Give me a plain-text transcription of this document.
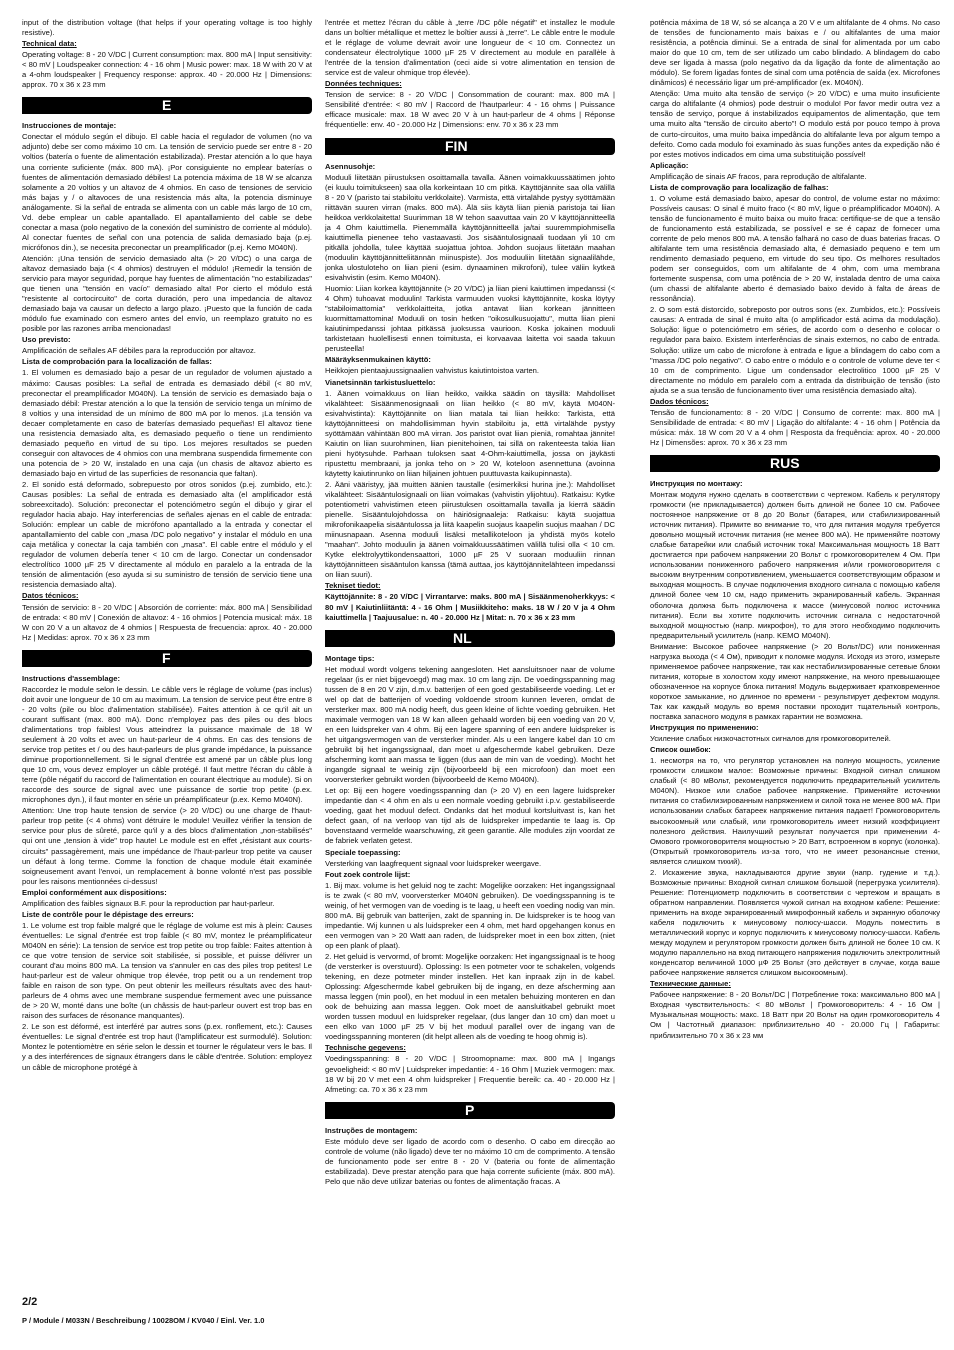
input of the distribution voltage (that helps if your operating voltage is too highly resistive).

Technical data:

Operating voltage: 8 - 20 V/DC | Current consumption: max. 800 mA | Input sensitivity: < 80 mV | Loudspeaker connection: 4 - 16 ohm | Music power: max. 18 W with 20 V at a 4-ohm loudspeaker | Frequency response: approx. 40 - 20.000 Hz | Dimensions: approx. 70 x 36 x 23 mm

E

Instrucciones de montaje:

Conectar el módulo según el dibujo. El cable hacia el regulador de volumen (no va adjunto) debe ser como máximo 10 cm. La tensión de servicio puede ser entre 8 - 20 voltios (batería o fuente de alimentación estabilizada). Prestar atención a lo que haya una corriente suficiente (máx. 800 mA). ¡Por consiguiente no emplear baterías o fuentes de alimentación demasiado débiles! La potencia máxima de 18 W se alcanza solamente a 20 voltios y un altavoz de 4 ohmios. En caso de tensiones de servicio más bajas y / o altavoces de una resistencia más alta, la potencia disminuye análogamente. Si la señal de entrada se alimenta con un cable más largo de 10 cm, Vd. debe emplear un cable apantallado. El apantallamiento del cable se debe conectar a masa (polo negativo de la conexión del suministro de corriente al módulo). Al conectar fuentes de señal con una potencia de salida demasiado baja (p.ej. micrófonos din.), se necesita preconectar un preamplificador (p.ej. Kemo M040N).

Atención: ¡Una tensión de servicio demasiado alta (> 20 V/DC) o una carga de altavoz demasiado baja (< 4 ohmios) destruyen el módulo! ¡Remedir la tensión de servicio para mayor seguridad, porque hay fuentes de alimentación "no estabilizadas" que tienen una "tensión en vacío" demasiado alta! Por cierto el módulo está "resistente al cortocircuito" de corta duración, pero una impedancia de altavoz demasiado baja va causar un defecto a largo plazo. ¡Puesto que la función de cada módulo fue examinado con esmero antes del envío, un reemplazo gratuito no es posible por las razones arriba mencionadas!

Uso previsto:

Amplificación de señales AF débiles para la reproducción por altavoz.

Lista de comprobación para la localización de fallas:

1. El volumen es demasiado bajo a pesar de un regulador de volumen ajustado a máximo: Causas posibles: La señal de entrada es demasiado débil (< 80 mV, preconectar el preamplificador M040N). La tensión de servicio es demasiado baja o demasiado débil: Prestar atención a lo que la tensión de servicio tenga un mínimo de 8 voltios y una intensidad de un mínimo de 800 mA por lo menos. ¡La tensión va decaer completamente en caso de baterías demasiado pequeñas! El altavoz tiene una resistencia demasiado alta, es demasiado pequeño o tiene un rendimiento demasiado pequeño en virtud de su tipo. Los mejores resultados se pueden conseguir con altavoces de 4 ohmios con una membrana suspendida firmemente con una potencia de > 20 W, instalado en una caja (un chasis de altavoz abierto es demasiado bajo en virtud de las superficies de resonancia que faltan).

2. El sonido está deformado, sobrepuesto por otros sonidos (p.ej. zumbido, etc.): Causas posibles: La señal de entrada es demasiado alta (el amplificador está sobreexcitado). Solución: preconectar el potenciómetro según el dibujo y girar el regulador hacia abajo. Hay interferencias de señales ajenas en el cable de entrada: Solución: emplear un cable de micrófono apantallado a la entrada y conectar el apantallamiento del cable con „masa /DC polo negativo" y instalar el módulo en una caja metálica y conectar la caja también con „masa". El cable entre el módulo y el regulador de volumen debería tener < 10 cm de largo. Conectar un condensador electrolítico 1000 µF 25 V directamente al módulo en paralelo a la entrada de la tensión de alimentación (eso ayuda si su suministro de tensión de servicio tiene una resistencia demasiado alta).

Datos técnicos:

Tensión de servicio: 8 - 20 V/DC | Absorción de corriente: máx. 800 mA | Sensibilidad de entrada: < 80 mV | Conexión de altavoz: 4 - 16 ohmios | Potencia musical: máx. 18 W con 20 V a un altavoz de 4 ohmios | Respuesta de frecuencia: aprox. 40 - 20.000 Hz | Medidas: aprox. 70 x 36 x 23 mm

F

Instructions d'assemblage:

Raccordez le module selon le dessin. Le câble vers le réglage de volume (pas inclus) doit avoir une longueur de 10 cm au maximum. La tension de service peut être entre 8 - 20 volts (pile ou bloc d'alimentation stabilisée). Faites attention à ce qu'il ait un courant suffisant (max. 800 mA). Donc n'employez pas des piles ou des blocs d'alimentations trop faibles! Vous atteindrez la puissance maximale de 18 W seulement à 20 volts et avec un haut-parleur de 4 ohms. En cas des tensions de service trop petites et / ou des haut-parleurs de plus grande impédance, la puissance diminue proportionnellement. Si le signal d'entrée est amené par un câble plus long que 10 cm, vous devez employer un câble protégé. Il faut mettre l'écran du câble à terre (pôle négatif du raccord de l'alimentation en courant électrique au module). Si on raccorde des source de signal avec une puissance de sortie trop petite (p.ex. microphones dyn.), il faut monter en série un préamplificateur (p.ex. Kemo M040N).

Attention: Une trop haute tension de service (> 20 V/DC) ou une charge de l'haut-parleur trop petite (< 4 ohms) vont détruire le module! Veuillez vérifier la tension de service pour plus de sûreté, parce qu'il y a des blocs d'alimentation „non-stabilisés" qui ont une „tension à vide" trop haute! Le module est en effet „résistant aux courts-circuits" passagèrement, mais une impédance de l'haut-parleur trop petite va causer un défaut à long terme. Comme la fonction de chaque module était examinée soigneusement avant l'envoi, un remplacement à bonne volonté n'est pas possible pour les raisons mentionnées ci-dessus!

Emploi conformément aux dispositions:

Amplification des faibles signaux B.F. pour la reproduction par haut-parleur.

Liste de contrôle pour le dépistage des erreurs:

1. Le volume est trop faible malgré que le réglage de volume est mis à plein: Causes éventuelles: Le signal d'entrée est trop faible (< 80 mV, montez le préamplificateur M040N en série): La tension de service est trop petite ou trop faible: Faites attention à ce que votre tension de service soit stabilisée, si possible, et puisse délivrer un courant d'au moins 800 mA. La tension va s'annuler en cas des piles trop petites! Le haut-parleur est de valeur ohmique trop élevée, trop petit ou a un rendement trop faible en raison de son type. On peut obtenir les meilleurs résultats avec des haut-parleurs de 4 ohms avec une membrane suspendue fermement avec une puissance de > 20 W, monté dans une boîte (un châssis de haut-parleur ouvert est trop bas en raison des surfaces de résonance manquantes).

2. Le son est déformé, est interféré par autres sons (p.ex. ronflement, etc.): Causes éventuelles: Le signal d'entrée est trop haut (l'amplificateur est surmodulé). Solution: Montez le potentiomètre en série selon le dessin et tourner le régulateur vers le bas. Il y a des interférences de signaux étrangers dans le câble d'entrée. Solution: employez un câble de microphone protégé à

l'entrée et mettez l'écran du câble à „terre /DC pôle négatif" et installez le module dans un boîtier métallique et mettez le boîtier aussi à „terre". Le câble entre le module et le réglage de volume devrait avoir une longueur de < 10 cm. Connectez un condensateur électrolytique 1000 µF 25 V directement au module en parallèle à l'entrée de la tension d'alimentation (ceci aide si votre alimentation en tension de service est de valeur ohmique trop élevée).

Données techniques:

Tension de service: 8 - 20 V/DC | Consommation de courant: max. 800 mA | Sensibilité d'entrée: < 80 mV | Raccord de l'hautparleur: 4 - 16 ohms | Puissance efficace musicale: max. 18 W avec 20 V à un haut-parleur de 4 ohms | Réponse fréquentielle: env. 40 - 20.000 Hz | Dimensions: env. 70 x 36 x 23 mm

FIN

Asennusohje:

Moduuli liitetään piirustuksen osoittamalla tavalla. Äänen voimakkuussäätimen johto (ei kuulu toimitukseen) saa olla korkeintaan 10 cm pitkä. Käyttöjännite saa olla välillä 8 - 20 V (paristo tai stabiloitu verkkolaite). Varmista, että virtalähde pystyy syöttämään riittävän suuren virran (maks. 800 mA). Älä siis käytä liian pieniä paristoja tai liian heikkoa verkkolaitetta! Suurimman 18 W tehon saavuttaa vain 20 V käyttöjännitteellä ja 4 Ohm kaiuttimella. Pienemmällä käyttöjännitteellä ja/tai suuremmpiohmisella kaiuttimella pienenee teho vastaavasti. Jos sisääntulosignaali tuodaan yli 10 cm pitkällä johdolla, tulee käyttää suojattua johtoa. Johdon suojaus liitetään maahan (moduulin käyttöjännitteliitännän miinuspiste). Jos moduuliin liitetään signaalilähde, jonka ulostuloteho on liian pieni (esim. dynaaminen mikrofoni), tulee väliin kytkeä esivahvistin (esim. Kemo M040N).

Huomio: Liian korkea käyttöjännite (> 20 V/DC) ja liian pieni kaiuttimen impedanssi (< 4 Ohm) tuhoavat moduulin! Tarkista varmuuden vuoksi käyttöjännite, koska löytyy "stabiloimattomia" verkkolaitteita, jotka antavat liian korkean jännitteen kuormittamattomina! Moduuli on tosin hetken "oikosulkusuojattu", mutta liian pieni kaiutinimpedanssi johtaa pitkässä juoksussa vaurioon. Koska jokainen moduuli tarkistetaan huolellisesti ennen toimitusta, ei korvaavaa laitetta voi saada takuun perusteella!

Määräyksenmukainen käyttö:

Heikkojen pientaajuussignaalien vahvistus kaiutintoistoa varten.

Vianetsinnän tarkistusluettelo:

1. Äänen voimakkuus on liian heikko, vaikka säädin on täysillä: Mahdolliset vikalähteet: Sisäänmenosignaali on liian heikko (< 80 mV, käytä M040N-esivahvistinta): Käyttöjännite on liian matala tai liian heikko: Tarkista, että käyttöjännitteesi on mahdollisimman hyvin stabiloitu ja, että virtalähde pystyy syöttämään vähintään 800 mA virran. Jos paristot ovat liian pieniä, romahtaa jännite! Kaiutin on liian suurohminen, liian pienitehoinen, tai sillä on rakenteesta takia liian pieni hyötysuhde. Parhaan tuloksen saat 4-Ohm-kaiuttimella, jossa on jäykästi ripustettu membraani, ja jonka teho on > 20 W, koteloon asennettuna (avoinna käytetty kaiutinrunko on liian hiljainen johtuen puuttuvasta kaikupinnasta).

2. Ääni vääristyy, jää muitten äänien taustalle (esimerkiksi hurina jne.): Mahdolliset vikalähteet: Sisääntulosignaali on liian voimakas (vahvistin ylijohtuu). Ratkaisu: Kytke potentiometri vahvistimen eteen piirustuksen osoittamalla tavalla ja kierrä säädin pienelle. Sisääntulojohdossa on häiriösignaaleja: Ratkaisu: käytä suojattua mikrofonikaapelia sisääntulossa ja liitä kaapelin suojaus kaapelin suojus maahan / DC miinusnapaan. Asenna moduuli lisäksi metallikoteloon ja yhdistä myös kotelo "maahan". Johto moduulin ja äänen voimakkuussäätimen välillä tulisi olla < 10 cm. Kytke elektrolyyttikondensaattori, 1000 µF 25 V suoraan moduuliin rinnan käyttöjännitteen sisääntulon kanssa (tämä auttaa, jos käyttöjännitelähteen impedanssi on liian suuri).

Tekniset tiedot:

Käyttöjännite: 8 - 20 V/DC | Virrantarve: maks. 800 mA | Sisäänmenoherkkyys: < 80 mV | Kaiutinliitäntä: 4 - 16 Ohm | Musiikkiteho: maks. 18 W / 20 V ja 4 Ohm kaiuttimella | Taajuusalue: n. 40 - 20.000 Hz | Mitat: n. 70 x 36 x 23 mm

NL

Montage tips:

Het moduul wordt volgens tekening aangesloten. Het aansluitsnoer naar de volume regelaar (is er niet bijgevoegd) mag max. 10 cm lang zijn. De voedingsspanning mag tussen de 8 en 20 V zijn, d.m.v. batterijen of een goed gestabiliseerde voeding. Let er wel op dat de batterijen of voeding voldoende stroom kunnen leveren, omdat de versterker max. 800 mA nodig heeft, dus geen kleine of lichte voeding gebruiken. Het maximale vermogen van 18 W kan alleen gehaald worden bij een voeding van 20 V, en een luidspreker van 4 ohm. Bij een lagere spanning of een andere luidspreker is het uitgangsvermogen van de versterker minder. Als u een langere kabel dan 10 cm gebruikt bij het ingangssignaal, dan moet u afgeschermde kabel gebruiken. Deze afscherming komt aan massa te liggen (dus aan de min van de voeding). Mocht het ingangde signaal te weinig zijn (bijvoorbeeld bij een microfoon) dan moet een voorversterker gebruikt worden (bijvoorbeeld de Kemo M040N).

Let op: Bij een hogere voedingsspanning dan (> 20 V) en een lagere luidspreker impedantie dan < 4 ohm en als u een normale voeding gebruikt i.p.v. gestabiliseerde voeding, gaat het moduul defect. Ondanks dat het moduul kortsluitvast is, kan het defect gaan, of na verloop van tijd als de luidspreker impedantie te laag is. Op bovenstaand vermelde waarschuwing, zit geen garantie. Alle modules zijn voordat ze de fabriek verlaten getest.

Speciale toepassing:

Versterking van laagfrequent signaal voor luidspreker weergave.

Fout zoek controle lijst:

1. Bij max. volume is het geluid nog te zacht: Mogelijke oorzaken: Het ingangssignaal is te zwak (< 80 mV, voorversterker M040N gebruiken). De voedingsspanning is te weinig, of het vermogen van de voeding is te laag, u heeft een voeding nodig van min. 800 mA. Bij gebruik van batterijen, zakt de spanning in. De luidspreker is te hoog van impedantie. Wij kunnen u als luidspreker een 4 ohm, met hard opgehangen konus en een vermogen van > 20 Watt aan raden, de luidspreker moet in een box zitten, (niet op een plank of plaat).

2. Het geluid is vervormd, of bromt: Mogelijke oorzaken: Het ingangssignaal is te hoog (de versterker is overstuurd). Oplossing: Is een potmeter voor te schakelen, volgends tekening, en deze potmeter minder instellen. Het kan inpraak zijn in de kabel. Oplossing: Afgeschermde kabel gebruiken bij de ingang, en deze afscherming aan massa leggen (min pool), en het moduul in een metalen behuizing monteren en dan ook de behuizing aan massa leggen. Ook moet de aansluitkabel gebruikt moet worden tussen moduul en luidspreker regelaar, (dus langer dan 10 cm) dan moet u een elko van 1000 µF 25 V bij het moduul parallel over de ingang van de voedingsspanning monteren (dit helpt alleen als de voeding te hoog ohmig is).

Technische gegevens:

Voedingsspanning: 8 - 20 V/DC | Stroomopname: max. 800 mA | Ingangs gevoeligheid: < 80 mV | Luidspreker impedantie: 4 - 16 Ohm | Muziek vermogen: max. 18 W bij 20 V met een 4 ohm luidspreker | Frequentie bereik: ca. 40 - 20.000 Hz | Afmeting: ca. 70 x 36 x 23 mm

P

Instruções de montagem:

Este módulo deve ser ligado de acordo com o desenho. O cabo em direcção ao controle de volume (não ligado) deve ter no máximo 10 cm de comprimento. A tensão de funcionamento pode ser entre 8 - 20 V (bateria ou fonte de alimentação estabilizada). Deve prestar atenção para que haja corrente suficiente (máx. 800 mA). Pelo que não deve utilizar baterias ou fontes de alimentação fracas. A

potência máxima de 18 W, só se alcança a 20 V e um altifalante de 4 ohms. No caso de tensões de funcionamento mais baixas e / ou altifalantes de uma maior resistência, a potência diminui. Se a entrada de sinal for alimentada por um cabo maior do que 10 cm, tem de ser utilizado um cabo blindado. A blindagem do cabo deve ser ligada à massa (polo negativo da da ligação da fonte de alimentação ao módulo). Se forem ligadas fontes de sinal com uma potência de saída (ex. Microfones dinâmicos) é necessário ligar um pré-amplificador (ex. M040N).

Atenção: Uma muito alta tensão de serviço (> 20 V/DC) e uma muito insuficiente carga do altifalante (4 ohmios) pode destruir o modulo! Por favor medir outra vez a tensão de serviço, porque á instabilizados equipamentos de alimentação, que tem uma muito alta "tensão de circuito aberto"! O modulo está por pouco tempo à prova de curto-circuitos, uma muito baixa impedância do altifalante leva por algum tempo a defeito. Como cada modulo foi examinado às suas funções antes da expedição não é por estes motivos indicados em cima uma substituição possível!

Aplicação:

Amplificação de sinais AF fracos, para reprodução de altifalante.

Lista de comprovação para localização de falhas:

1. O volume está demasiado baixo, apesar do control, de volume estar no máximo: Possíveis causas: O sinal é muito fraco (< 80 mV, ligue o préamplificador M040N). A tensão de funcionamento é muito baixa ou muito fraca: certifique-se de que a tensão de funcionamento está estabilizada, se possível e se é capaz de fornecer uma corrente de pelo menos 800 mA. A tensão falhará no caso de duas baterias fracas. O altifalante tem uma resistência demasiado alta, é demasiado pequeno e tem um rendimento demasiado pequeno, em virtude do seu tipo. Os melhores resultados podem ser conseguidos, com um altifalante de 4 ohm, com uma membrana fortemente suspensa, com uma potência de > 20 W, instalada dentro de uma caixa (um chassi de altifalante aberto é demasiado baixo devido à falta de áreas de ressonância).

2. O som está distorcido, sobreposto por outros sons (ex. Zumbidos, etc.): Possíveis causas: A entrada de sinal é muito alta (o amplificador está acima da modulação). Solução: ligue o potenciómetro em séries, de acordo com o desenho e colocar o regulador para baixo. Existem interferências de sinais externos, no cabo de entrada. Solução: utilize um cabo de microfone à entrada e ligue a blindagem do cabo com a "massa /DC polo negativo". O cabo entre o módulo e o controle de volume deve ter < 10 cm de comprimento. Ligue um condensador electrolitico 1000 µF 25 V directamente no módulo em paralelo com a entrada da distribuição de tensão (isto ajuda se a sua tensão de funcionamento tiver uma resistência demasiado alta).

Dados técnicos:

Tensão de funcionamento: 8 - 20 V/DC | Consumo de corrente: max. 800 mA | Sensibilidade de entrada: < 80 mV | Ligação do altifalante: 4 - 16 ohm | Potência da música: máx. 18 W com 20 V a 4 ohm | Resposta da frequência: aprox. 40 - 20.000 Hz | Dimensões: aprox. 70 x 36 x 23 mm

RUS

Инструкция по монтажу:

Монтаж модуля нужно сделать в соответствии с чертежом. Кабель к регулятору громкости (не прикладывается) должен быть длиной не более 10 см. Рабочее постоянное напряжение от 8 до 20 Вольт (батарея, или стабилизированный источник питания). Примите во внимание то, что для питания модуля требуется довольно мощный источник питания (не менее 800 мА). Не применяйте поэтому слабые батарейки или слабый источник тока! Максимальная мощность 18 Ватт достигается при рабочем напряжении 20 Вольт с громкоговорителем 4 Ом. При использовании пониженного рабочего напряжения и/или громкоговорителя с высоким внутренним сопротивлением, уменьшается соответствующим образом и выходная мощность. В случае подключения входного сигнала с помощью кабеля длиной более чем 10 см, надо применить экранированный кабель. Экранная оболочка должна быть подключена к массе (минусовой полюс источника питания). Если вы хотите подключить источник сигнала с недостаточной выходной мощностью (напр. микрофон), то для этого необходимо подключить предварительный усилитель (напр. KEMO M040N).

Внимание: Высокое рабочее напряжение (> 20 Вольт/DC) или пониженная нагрузка выхода (< 4 Ом), приводит к поломке модуля. Исходя из этого, измерьте применяемое рабочее напряжение, так как нестабилизированные сетевые блоки питания, которые в холостом ходу имеют напряжение, на много превышающее обозначенное на корпусе блока питания! Модуль выдерживает кратковременное короткое замыкание, но длинное по времени - результирует дефектом модуля. Так как каждый модуль во время поставки проходит тщательный контроль, поставка запасного модуля в рамках гарантии не возможна.

Инструкция по применению:

Усиление слабых низкочастотных сигналов для громкоговорителей.

Список ошибок:

1. несмотря на то, что регулятор установлен на полную мощность, усиление громкости слишком малое: Возможные причины: Входной сигнал слишком слабый (< 80 мВольт, рекомендуется подключить предварительный усилитель M040N). Низкое или слабое рабочее напряжение. Применяйте источники питания со стабилизированным напряжением и силой тока не менее 800 мА. При использовании слабых батареек напряжение питания падает! Громкоговоритель высокоомный или слабый, или громкоговоритель имеет низкий коэффициент полезного действия. Наилучший результат получается при применении 4-Омового громкоговорителя мощностью > 20 Ватт, встроенном в корпус (колонка). (Открытый громкоговоритель из-за того, что не имеет резонансные стенки, является слишком тихий).

2. Искажение звука, накладываются другие звуки (напр. гудение и т.д.). Возможные причины: Входной сигнал слишком большой (перегрузка усилителя). Решение: Потенциометр подключить в соответствии с чертежом и вращать в обратном направлении. Появляется чужой сигнал на входном кабеле: Решение: применить на входе экранированный микрофонный кабель и экранную оболочку кабеля подключить к минусовому полюсу-шасси. Модуль поместить в металлический корпус и корпус подключить к минусовому полюсу-шасси. Кабель между модулем и регулятором громкости должен быть длиной не более 10 см. К модулю параллельно на вход питающего напряжения подключить электролитный конденсатор величиной 1000 µФ 25 Вольт (это действует в случае, когда ваше рабочее напряжение является слишком высокоомным).

Технические данные:

Рабочее напряжение: 8 - 20 Вольт/DC | Потребление тока: максимально 800 мА | Входная чувствительность: < 80 мВольт | Громкоговоритель: 4 - 16 Ом | Музыкальная мощность: макс. 18 Ватт при 20 Вольт на один громкоговоритель 4 Ом | Частотный диапазон: приблизительно 40 - 20.000 Гц | Габариты: приблизительно 70 x 36 x 23 мм

2/2

P / Module / M033N / Beschreibung / 10028OM / KV040 / Einl. Ver. 1.0
